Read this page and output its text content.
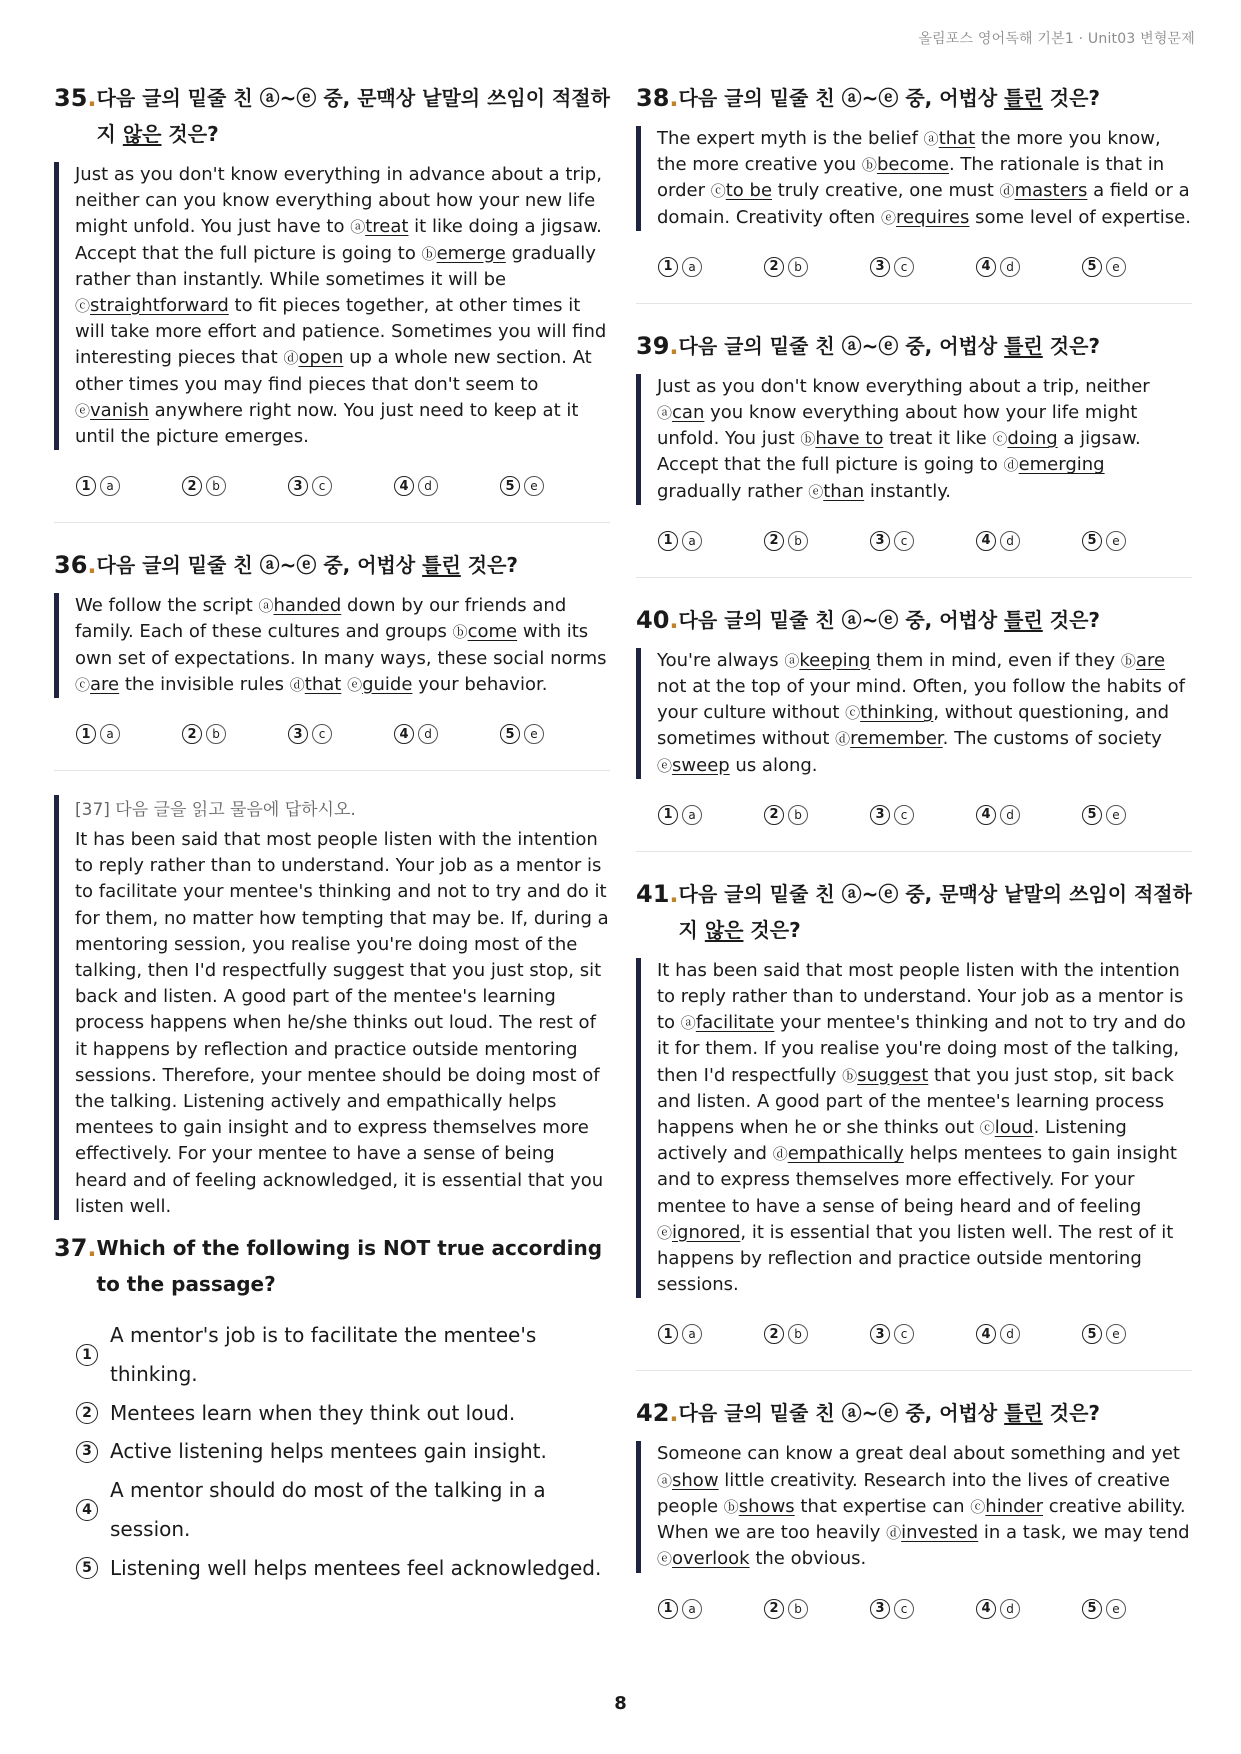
올림포스 영어독해 기본1 · Unit03 변형문제
35. 다음 글의 밑줄 친 ⓐ~ⓔ 중, 문맥상 낱말의 쓰임이 적절하지 않은 것은?
Just as you don't know everything in advance about a trip, neither can you know everything about how your new life might unfold. You just have to ⓐtreat it like doing a jigsaw. Accept that the full picture is going to ⓑemerge gradually rather than instantly. While sometimes it will be ⓒstraightforward to fit pieces together, at other times it will take more effort and patience. Sometimes you will find interesting pieces that ⓓopen up a whole new section. At other times you may find pieces that don't seem to ⓔvanish anywhere right now. You just need to keep at it until the picture emerges.
1	a	2	b	3	c	4	d	5	e
36. 다음 글의 밑줄 친 ⓐ~ⓔ 중, 어법상 틀린 것은?
We follow the script ⓐhanded down by our friends and family. Each of these cultures and groups ⓑcome with its own set of expectations. In many ways, these social norms ⓒare the invisible rules ⓓthat ⓔguide your behavior.
1	a	2	b	3	c	4	d	5	e
[37] 다음 글을 읽고 물음에 답하시오.
It has been said that most people listen with the intention to reply rather than to understand. Your job as a mentor is to facilitate your mentee's thinking and not to try and do it for them, no matter how tempting that may be. If, during a mentoring session, you realise you're doing most of the talking, then I'd respectfully suggest that you just stop, sit back and listen. A good part of the mentee's learning process happens when he/she thinks out loud. The rest of it happens by reflection and practice outside mentoring sessions. Therefore, your mentee should be doing most of the talking. Listening actively and empathically helps mentees to gain insight and to express themselves more effectively. For your mentee to have a sense of being heard and of feeling acknowledged, it is essential that you listen well.
37. Which of the following is NOT true according to the passage?
1
A mentor's job is to facilitate the mentee's thinking.
2 Mentees learn when they think out loud.
3 Active listening helps mentees gain insight.
4
A mentor should do most of the talking in a session.
5 Listening well helps mentees feel acknowledged.
38. 다음 글의 밑줄 친 ⓐ~ⓔ 중, 어법상 틀린 것은?
The expert myth is the belief ⓐthat the more you know, the more creative you ⓑbecome. The rationale is that in order ⓒto be truly creative, one must ⓓmasters a field or a domain. Creativity often ⓔrequires some level of expertise.
1	a	2	b	3	c	4	d	5	e
39. 다음 글의 밑줄 친 ⓐ~ⓔ 중, 어법상 틀린 것은?
Just as you don't know everything about a trip, neither ⓐcan you know everything about how your life might unfold. You just ⓑhave to treat it like ⓒdoing a jigsaw. Accept that the full picture is going to ⓓemerging gradually rather ⓔthan instantly.
1	a	2	b	3	c	4	d	5	e
40. 다음 글의 밑줄 친 ⓐ~ⓔ 중, 어법상 틀린 것은?
You're always ⓐkeeping them in mind, even if they ⓑare not at the top of your mind. Often, you follow the habits of your culture without ⓒthinking, without questioning, and sometimes without ⓓremember. The customs of society ⓔsweep us along.
1	a	2	b	3	c	4	d	5	e
41. 다음 글의 밑줄 친 ⓐ~ⓔ 중, 문맥상 낱말의 쓰임이 적절하지 않은 것은?
It has been said that most people listen with the intention to reply rather than to understand. Your job as a mentor is to ⓐfacilitate your mentee's thinking and not to try and do it for them. If you realise you're doing most of the talking, then I'd respectfully ⓑsuggest that you just stop, sit back and listen. A good part of the mentee's learning process happens when he or she thinks out ⓒloud. Listening actively and ⓓempathically helps mentees to gain insight and to express themselves more effectively. For your mentee to have a sense of being heard and of feeling ⓔignored, it is essential that you listen well. The rest of it happens by reflection and practice outside mentoring sessions.
1	a	2	b	3	c	4	d	5	e
42. 다음 글의 밑줄 친 ⓐ~ⓔ 중, 어법상 틀린 것은?
Someone can know a great deal about something and yet ⓐshow little creativity. Research into the lives of creative people ⓑshows that expertise can ⓒhinder creative ability. When we are too heavily ⓓinvested in a task, we may tend ⓔoverlook the obvious.
1	a	2	b	3	c	4	d	5	e
8
